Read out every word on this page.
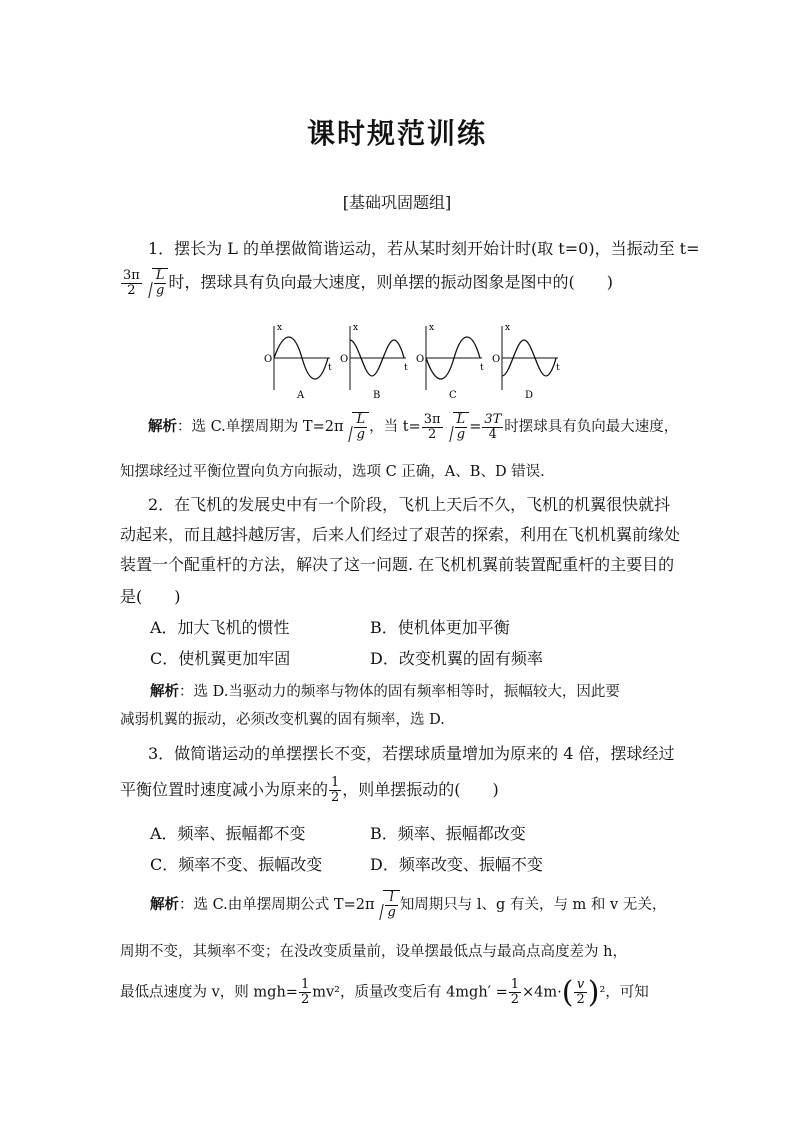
课时规范训练
[基础巩固题组]
1．摆长为 L 的单摆做简谐运动，若从某时刻开始计时(取 t=0)，当振动至 t=
$\frac{3\pi}{2} \frac{L}{g}$ 时，摆球具有负向最大速度，则单摆的振动图象是图中的(　　)
x
O
t
A
x
O
t
B
x
O
t
C
x
O
t
D
解析：选 C.单摆周期为 $T=2\pi \frac{L}{g}$ ，当 $t= \frac{3\pi}{2} \frac{L}{g} = \frac{3T}{4}$ 时摆球具有负向最大速度，
知摆球经过平衡位置向负方向振动，选项 C 正确，A、B、D 错误.
2．在飞机的发展史中有一个阶段，飞机上天后不久，飞机的机翼很快就抖
动起来，而且越抖越厉害，后来人们经过了艰苦的探索，利用在飞机机翼前缘处
装置一个配重杆的方法，解决了这一问题. 在飞机机翼前装置配重杆的主要目的
是(　　)
A．加大飞机的惯性	B．使机体更加平衡
C．使机翼更加牢固	D．改变机翼的固有频率
解析：选 D.当驱动力的频率与物体的固有频率相等时，振幅较大，因此要
减弱机翼的振动，必须改变机翼的固有频率，选 D.
3．做简谐运动的单摆摆长不变，若摆球质量增加为原来的 4 倍，摆球经过
平衡位置时速度减小为原来的 $\frac{1}{2}$ ，则单摆振动的(　　)
A．频率、振幅都不变	B．频率、振幅都改变
C．频率不变、振幅改变	D．频率改变、振幅不变
解析：选 C.由单摆周期公式 $T=2\pi \frac{l}{g}$ 知周期只与 l、g 有关，与 m 和 v 无关，
周期不变，其频率不变；在没改变质量前，设单摆最低点与最高点高度差为 h，
最低点速度为 v，则 $mgh= \frac{1}{2} mv^2$，质量改变后有 $4mgh' = \frac{1}{2} \times 4m\cdot( \frac{v}{2} )^2$，可知
